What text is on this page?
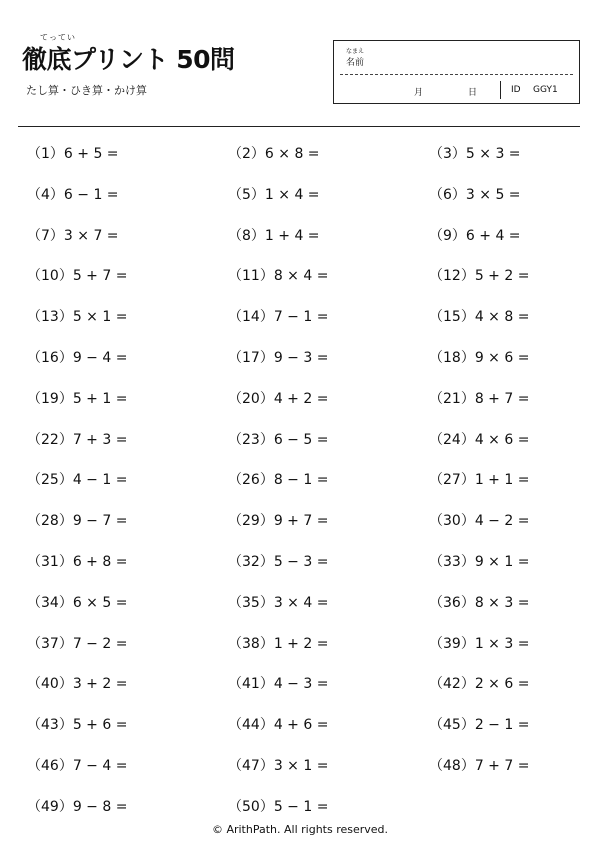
てってい
徹底プリント 50問
たし算・ひき算・かけ算
なまえ
名前
月	日	ID GGY1
（1）6 + 5 =	（2）6 × 8 =	（3）5 × 3 =
（4）6 − 1 =	（5）1 × 4 =	（6）3 × 5 =
（7）3 × 7 =	（8）1 + 4 =	（9）6 + 4 =
（10）5 + 7 =	（11）8 × 4 =	（12）5 + 2 =
（13）5 × 1 =	（14）7 − 1 =	（15）4 × 8 =
（16）9 − 4 =	（17）9 − 3 =	（18）9 × 6 =
（19）5 + 1 =	（20）4 + 2 =	（21）8 + 7 =
（22）7 + 3 =	（23）6 − 5 =	（24）4 × 6 =
（25）4 − 1 =	（26）8 − 1 =	（27）1 + 1 =
（28）9 − 7 =	（29）9 + 7 =	（30）4 − 2 =
（31）6 + 8 =	（32）5 − 3 =	（33）9 × 1 =
（34）6 × 5 =	（35）3 × 4 =	（36）8 × 3 =
（37）7 − 2 =	（38）1 + 2 =	（39）1 × 3 =
（40）3 + 2 =	（41）4 − 3 =	（42）2 × 6 =
（43）5 + 6 =	（44）4 + 6 =	（45）2 − 1 =
（46）7 − 4 =	（47）3 × 1 =	（48）7 + 7 =
（49）9 − 8 =	（50）5 − 1 =
© ArithPath. All rights reserved.
